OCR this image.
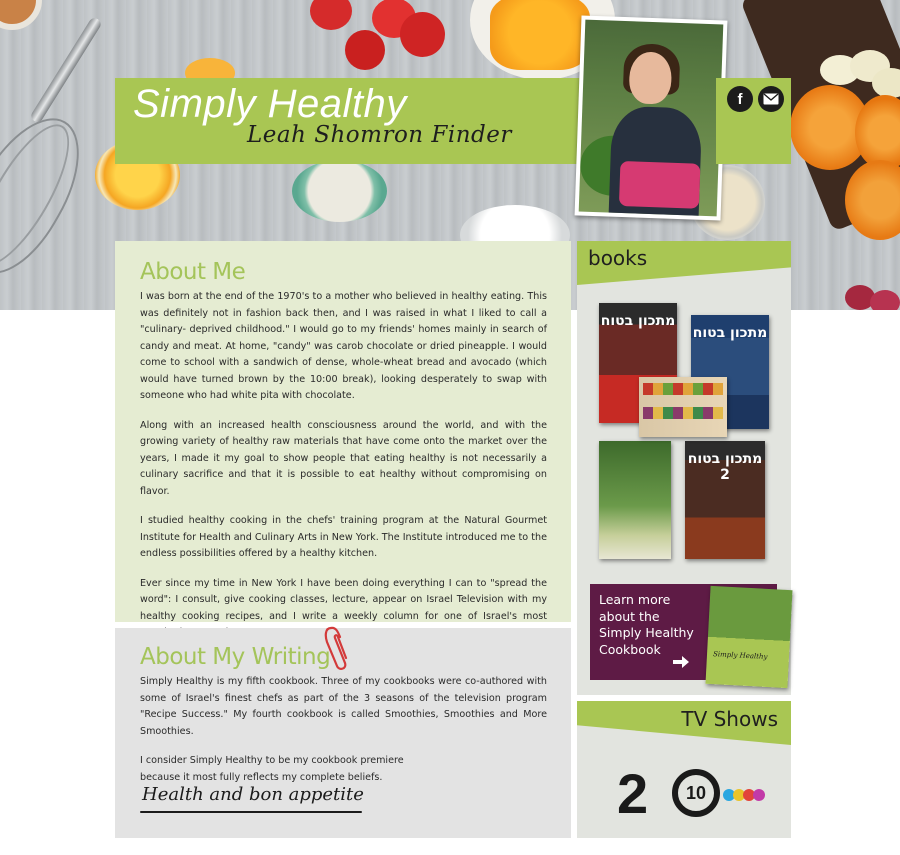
Simply Healthy
Leah Shomron Finder
f
About Me

I was born at the end of the 1970's to a mother who believed in healthy eating. This was definitely not in fashion back then, and I was raised in what I liked to call a "culinary- deprived childhood." I would go to my friends' homes mainly in search of candy and meat. At home, "candy" was carob chocolate or dried pineapple. I would come to school with a sandwich of dense, whole-wheat bread and avocado (which would have turned brown by the 10:00 break), looking desperately to swap with someone who had white pita with chocolate.

Along with an increased health consciousness around the world, and with the growing variety of healthy raw materials that have come onto the market over the years, I made it my goal to show people that eating healthy is not necessarily a culinary sacrifice and that it is possible to eat healthy without compromising on flavor.

I studied healthy cooking in the chefs' training program at the Natural Gourmet Institute for Health and Culinary Arts in New York. The Institute introduced me to the endless possibilities offered by a healthy kitchen.

Ever since my time in New York I have been doing everything I can to "spread the word": I consult, give cooking classes, lecture, appear on Israel Television with my healthy cooking recipes, and I write a weekly column for one of Israel's most

About My Writing

Simply Healthy is my fifth cookbook. Three of my cookbooks were co-authored with some of Israel's finest chefs as part of the 3 seasons of the television program "Recipe Success." My fourth cookbook is called Smoothies, Smoothies and More Smoothies.

I consider Simply Healthy to be my cookbook premiere
because it most fully reflects my complete beliefs.

Health and bon appetite
books
מתכון בטוח
מתכון בטוח
מתכון בטוח 2
Learn more
about the
Simply Healthy
Cookbook	Simply Healthy
TV Shows
2	10
